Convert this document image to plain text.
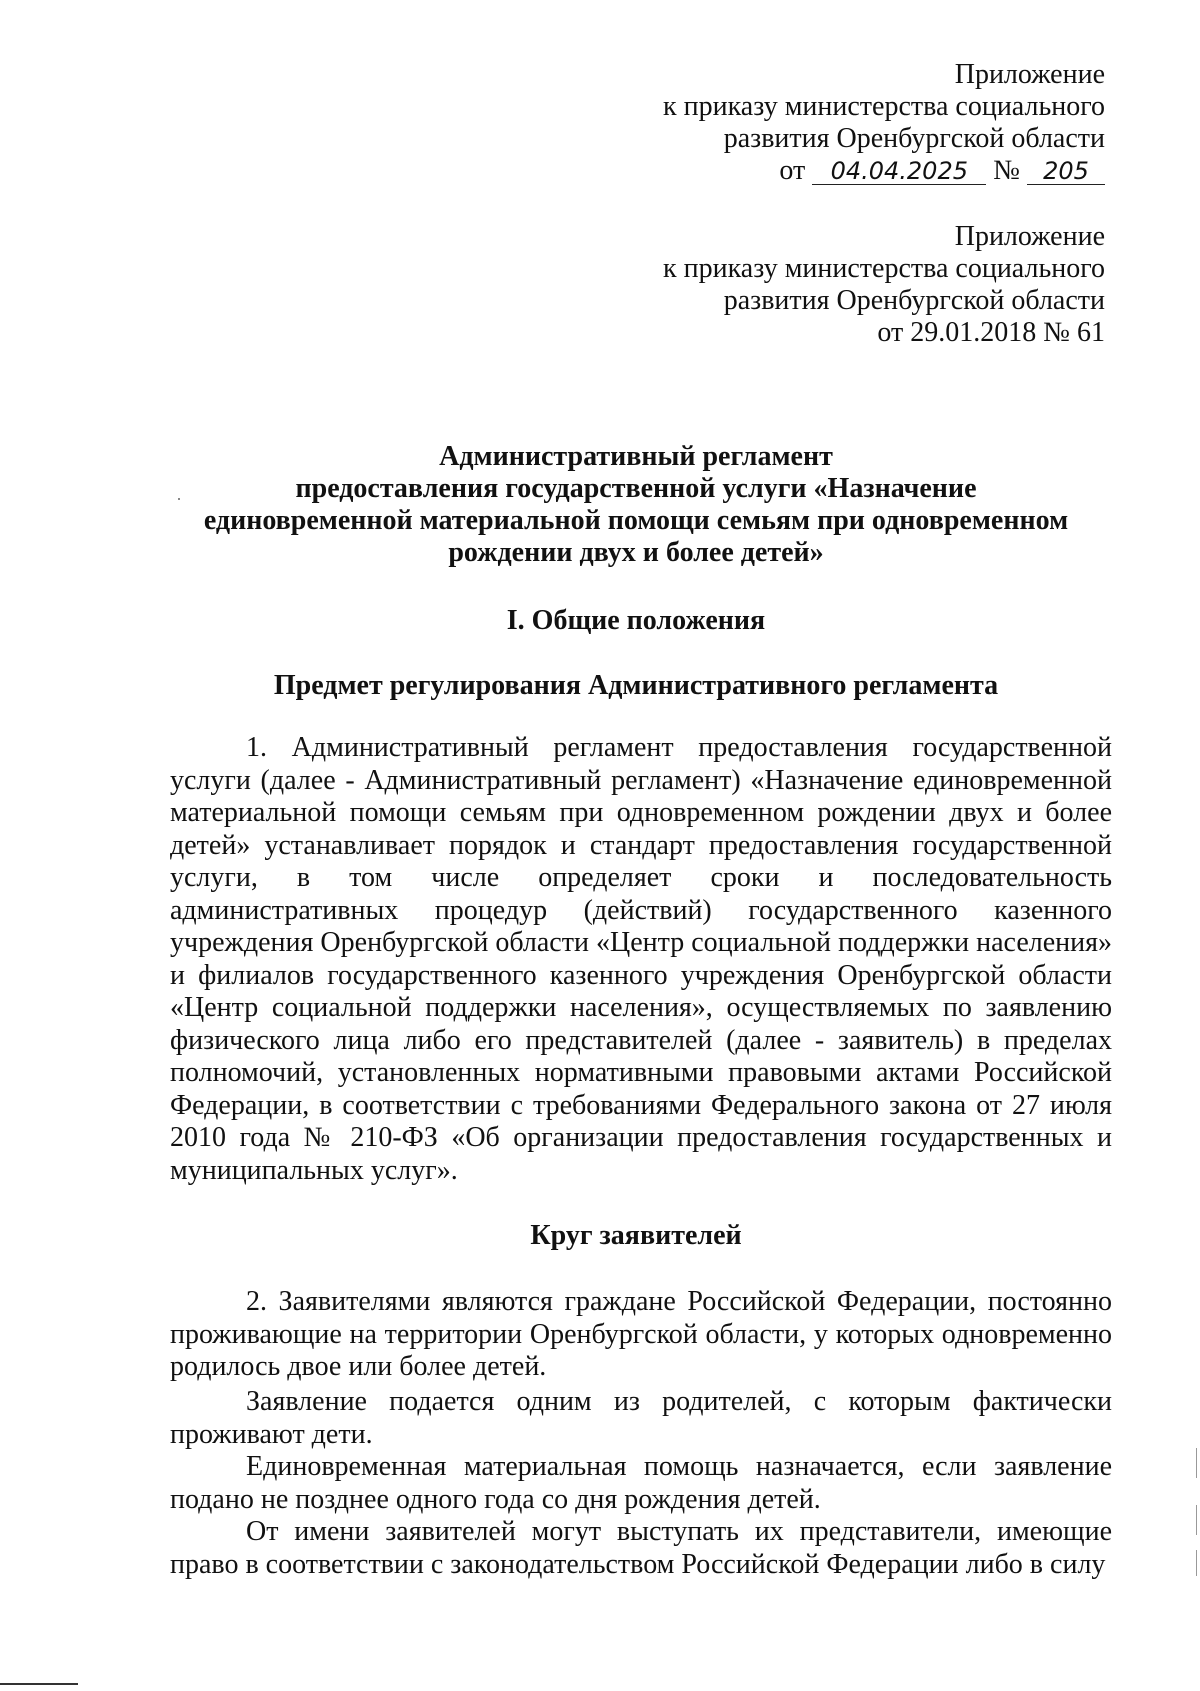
Приложение
к приказу министерства социального
развития Оренбургской области
от 04.04.2025 № 205
Приложение
к приказу министерства социального
развития Оренбургской области
от 29.01.2018 № 61
Административный регламент
предоставления государственной услуги «Назначение
единовременной материальной помощи семьям при одновременном
рождении двух и более детей»
I. Общие положения
Предмет регулирования Административного регламента
1. Административный регламент предоставления государственной услуги (далее - Административный регламент) «Назначение единовременной материальной помощи семьям при одновременном рождении двух и более детей» устанавливает порядок и стандарт предоставления государственной услуги, в том числе определяет сроки и последовательность административных процедур (действий) государственного казенного учреждения Оренбургской области «Центр социальной поддержки населения» и филиалов государственного казенного учреждения Оренбургской области «Центр социальной поддержки населения», осуществляемых по заявлению физического лица либо его представителей (далее - заявитель) в пределах полномочий, установленных нормативными правовыми актами Российской Федерации, в соответствии с требованиями Федерального закона от 27 июля 2010 года № 210-ФЗ «Об организации предоставления государственных и муниципальных услуг».
Круг заявителей
2. Заявителями являются граждане Российской Федерации, постоянно проживающие на территории Оренбургской области, у которых одновременно родилось двое или более детей.
Заявление подается одним из родителей, с которым фактически проживают дети.
Единовременная материальная помощь назначается, если заявление подано не позднее одного года со дня рождения детей.
От имени заявителей могут выступать их представители, имеющие право в соответствии с законодательством Российской Федерации либо в силу
